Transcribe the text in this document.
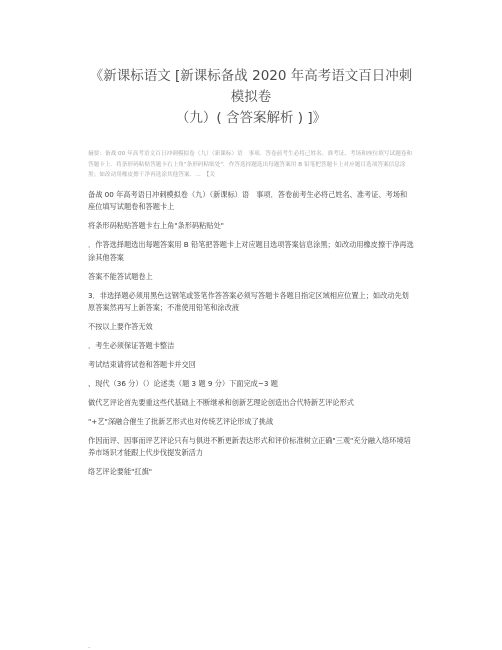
《新课标语文 [新课标备战 2020 年高考语文百日冲刺模拟卷
（九）( 含答案解析 ) ]》

摘要：备战 00 年高考语文百日冲刺模拟卷（九）（新课标）语　事项．答卷前考生必将己姓名、准考证、考场和座位填写试题卷和答题卡上．将条形码粘贴答题卡右上角"条形码粘贴处"．作答选择题选出每题答案用 B 铅笔把答题卡上对应题目选项答案信息涂黑；如改动用橡皮擦干净再选涂其他答案．…　【关

备战 00 年高考语日冲刺模拟卷（九）（新课标）语　事项．答卷前考生必将己姓名、准考证、考场和座位填写试题卷和答题卡上

将条形码粘贴答题卡右上角"条形码粘贴处"

．作答选择题选出每题答案用 B 铅笔把答题卡上对应题目选项答案信息涂黑；如改动用橡皮擦干净再选涂其他答案

答案不能答试题卷上

3．非选择题必须用黑色这钢笔或签笔作答答案必须写答题卡各题目指定区域相应位置上；如改动先划原答案然再写上新答案；不准使用铅笔和涂改液

不按以上要作答无效

．考生必须保证答题卡整洁

考试结束请将试卷和答题卡并交回

、现代（36 分）（）论述类（题 3 题 9 分）下面完成~3 题

做代艺评论首先要重这些代基础上不断继承和创新艺理论创造出合代特新艺评论形式

"+艺"深融合催生了批新艺形式也对传统艺评论形成了挑战

作因而评、因事而评艺评论只有与俱进不断更新表达形式和评价标准树立正确"三观"充分融入络环境培养市场识才能跟上代步伐提发新活力

络艺评论要能"扛旗"

.
